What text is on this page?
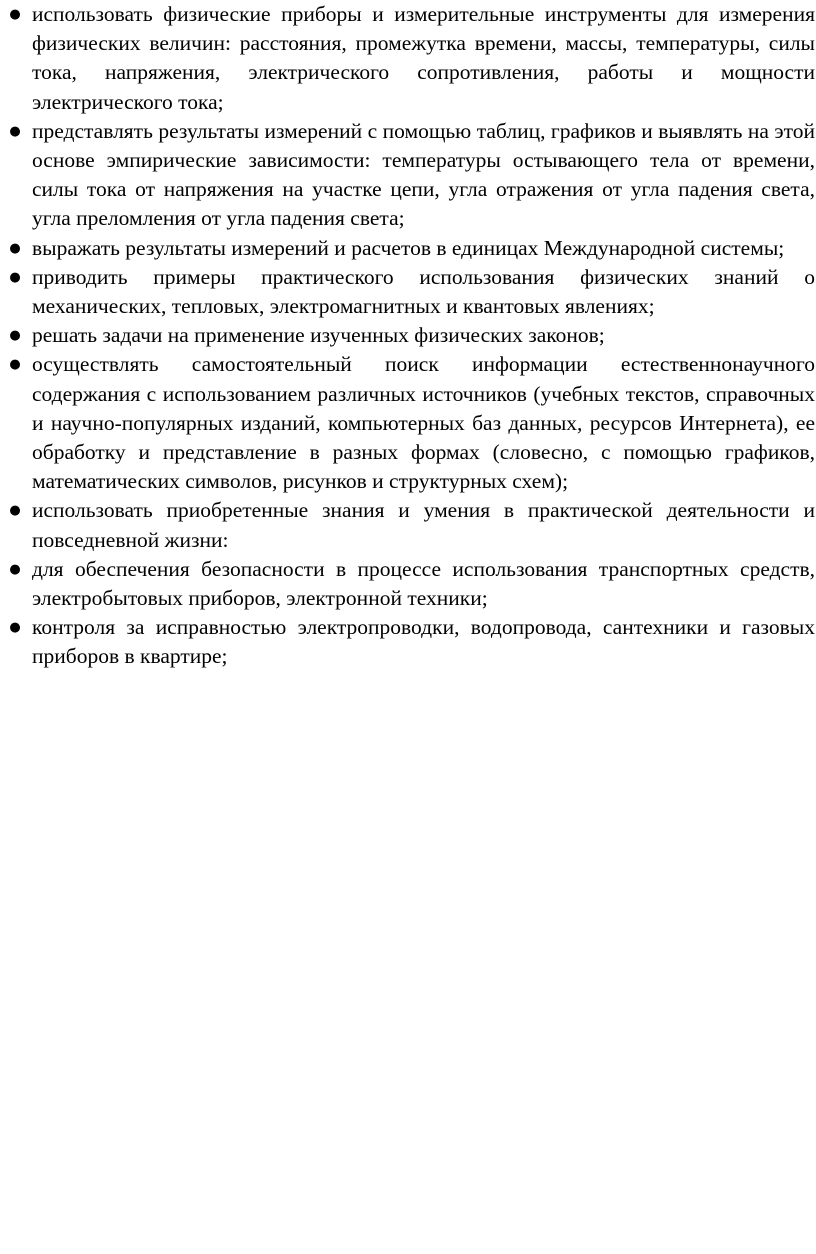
● использовать физические приборы и измерительные инструменты для измерения физических величин: расстояния, промежутка времени, массы, температуры, силы тока, напряжения, электрического сопротивления, работы и мощности электрического тока;
● представлять результаты измерений с помощью таблиц, графиков и выявлять на этой основе эмпирические зависимости: температуры остывающего тела от времени, силы тока от напряжения на участке цепи, угла отражения от угла падения света, угла преломления от угла падения света;
● выражать результаты измерений и расчетов в единицах Международной системы;
● приводить примеры практического использования физических знаний о механических, тепловых, электромагнитных и квантовых явлениях;
● решать задачи на применение изученных физических законов;
● осуществлять самостоятельный поиск информации естественнонаучного содержания с использованием различных источников (учебных текстов, справочных и научно-популярных изданий, компьютерных баз данных, ресурсов Интернета), ее обработку и представление в разных формах (словесно, с помощью графиков, математических символов, рисунков и структурных схем);
● использовать приобретенные знания и умения в практической деятельности и повседневной жизни:
● для обеспечения безопасности в процессе использования транспортных средств, электробытовых приборов, электронной техники;
● контроля за исправностью электропроводки, водопровода, сантехники и газовых приборов в квартире;
